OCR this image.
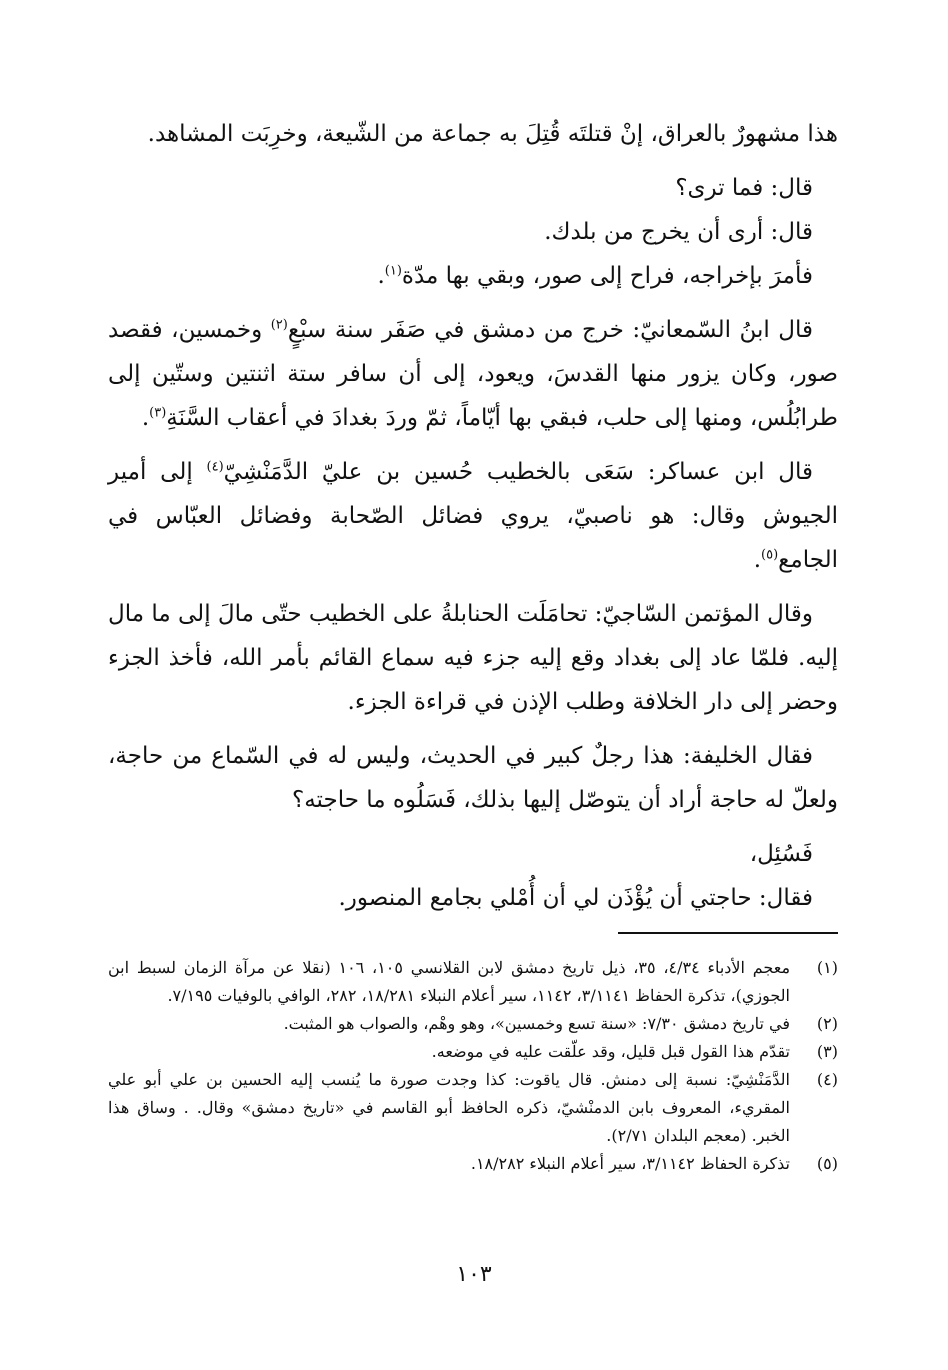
هذا مشهورٌ بالعراق، إنْ قتلتَه قُتِلَ به جماعة من الشّيعة، وخرِبَت المشاهد.

قال: فما ترى؟

قال: أرى أن يخرج من بلدك.

فأمرَ بإخراجه، فراح إلى صور، وبقي بها مدّة$^{(١)}$.

قال ابنُ السّمعانيّ: خرج من دمشق في صَفَر سنة سبْعٍ$^{(٢)}$ وخمسين، فقصد صور، وكان يزور منها القدسَ، ويعود، إلى أن سافر ستة اثنتين وستّين إلى طرابُلُس، ومنها إلى حلب، فبقي بها أيّاماً، ثمّ وردَ بغدادَ في أعقاب السَّنَةِ$^{(٣)}$.

قال ابن عساكر: سَعَى بالخطيب حُسين بن عليّ الدَّمَنْشِيّ$^{(٤)}$ إلى أمير الجيوش وقال: هو ناصبيّ، يروي فضائل الصّحابة وفضائل العبّاس في الجامع$^{(٥)}$.

وقال المؤتمن السّاجيّ: تحامَلَت الحنابلةُ على الخطيب حتّى مالَ إلى ما مال إليه. فلمّا عاد إلى بغداد وقع إليه جزء فيه سماع القائم بأمر الله، فأخذ الجزء وحضر إلى دار الخلافة وطلب الإذن في قراءة الجزء.

فقال الخليفة: هذا رجلٌ كبير في الحديث، وليس له في السّماع من حاجة، ولعلّ له حاجة أراد أن يتوصّل إليها بذلك، فَسَلُوه ما حاجته؟

فَسُئِل،

فقال: حاجتي أن يُؤْذَن لي أن أُمْلي بجامع المنصور.

(١)
معجم الأدباء ٤/٣٤، ٣٥، ذيل تاريخ دمشق لابن القلانسي ١٠٥، ١٠٦ (نقلا عن مرآة الزمان لسبط ابن الجوزي)، تذكرة الحفاظ ٣/١١٤١، ١١٤٢، سير أعلام النبلاء ١٨/٢٨١، ٢٨٢، الوافي بالوفيات ٧/١٩٥.
(٢)
في تاريخ دمشق ٧/٣٠: «سنة تسع وخمسين»، وهو وهْم، والصواب هو المثبت.
(٣)
تقدّم هذا القول قبل قليل، وقد علّقت عليه في موضعه.
(٤)
الدَّمَنْشِيّ: نسبة إلى دمنش. قال ياقوت: كذا وجدت صورة ما يُنسب إليه الحسين بن علي أبو علي المقريء، المعروف بابن الدمنْشيّ، ذكره الحافظ أبو القاسم في «تاريخ دمشق» وقال. . وساق هذا الخبر. (معجم البلدان ٢/٧١).
(٥)
تذكرة الحفاظ ٣/١١٤٢، سير أعلام النبلاء ١٨/٢٨٢.
١٠٣
